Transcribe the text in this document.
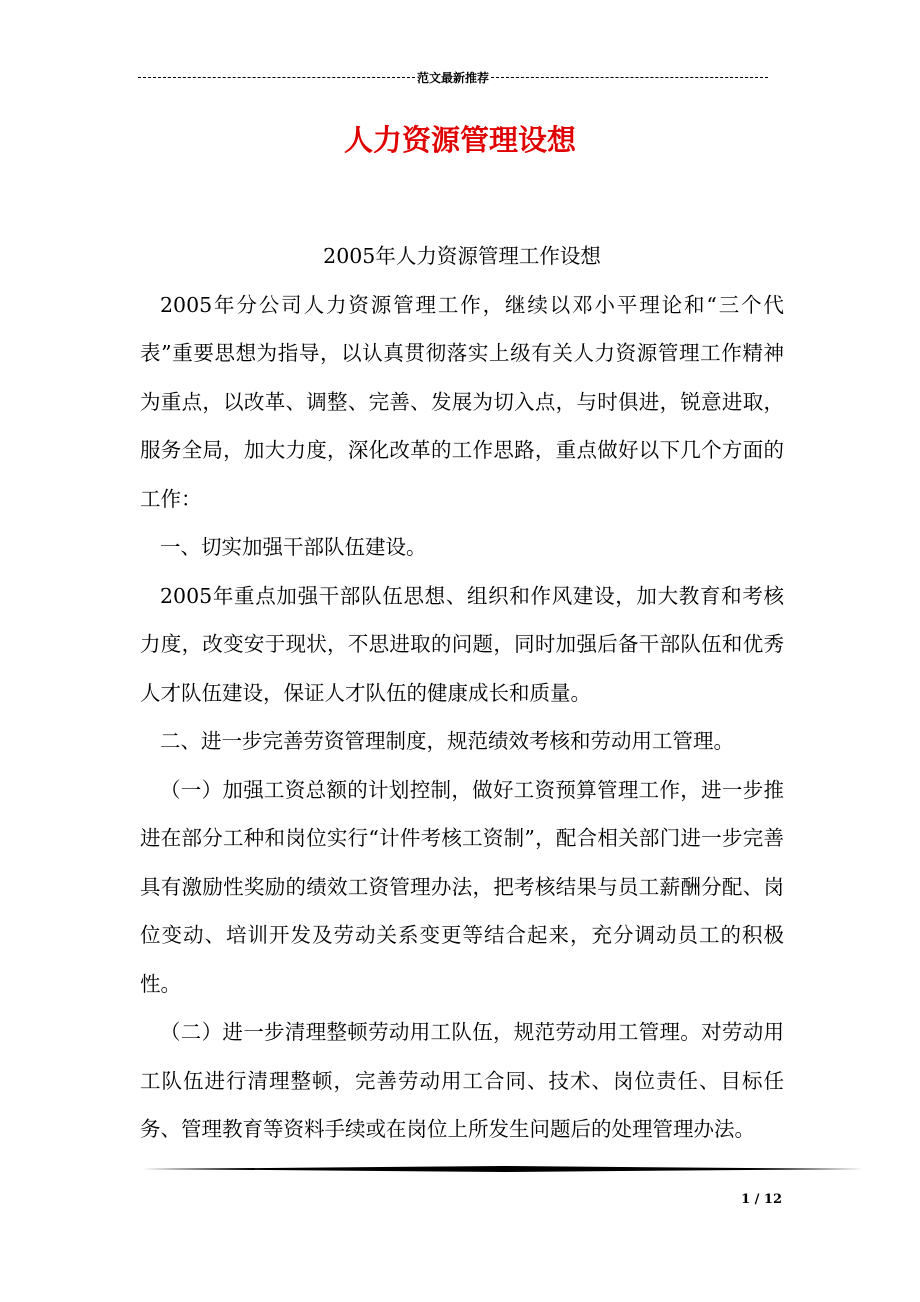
范文最新推荐
人力资源管理设想

2005年人力资源管理工作设想

2005年分公司人力资源管理工作，继续以邓小平理论和“三个代表”重要思想为指导，以认真贯彻落实上级有关人力资源管理工作精神为重点，以改革、调整、完善、发展为切入点，与时俱进，锐意进取，服务全局，加大力度，深化改革的工作思路，重点做好以下几个方面的工作：

一、切实加强干部队伍建设。

2005年重点加强干部队伍思想、组织和作风建设，加大教育和考核力度，改变安于现状，不思进取的问题，同时加强后备干部队伍和优秀人才队伍建设，保证人才队伍的健康成长和质量。

二、进一步完善劳资管理制度，规范绩效考核和劳动用工管理。

（一）加强工资总额的计划控制，做好工资预算管理工作，进一步推进在部分工种和岗位实行“计件考核工资制”，配合相关部门进一步完善具有激励性奖励的绩效工资管理办法，把考核结果与员工薪酬分配、岗位变动、培训开发及劳动关系变更等结合起来，充分调动员工的积极性。

（二）进一步清理整顿劳动用工队伍，规范劳动用工管理。对劳动用工队伍进行清理整顿，完善劳动用工合同、技术、岗位责任、目标任务、管理教育等资料手续或在岗位上所发生问题后的处理管理办法。

1 / 12
